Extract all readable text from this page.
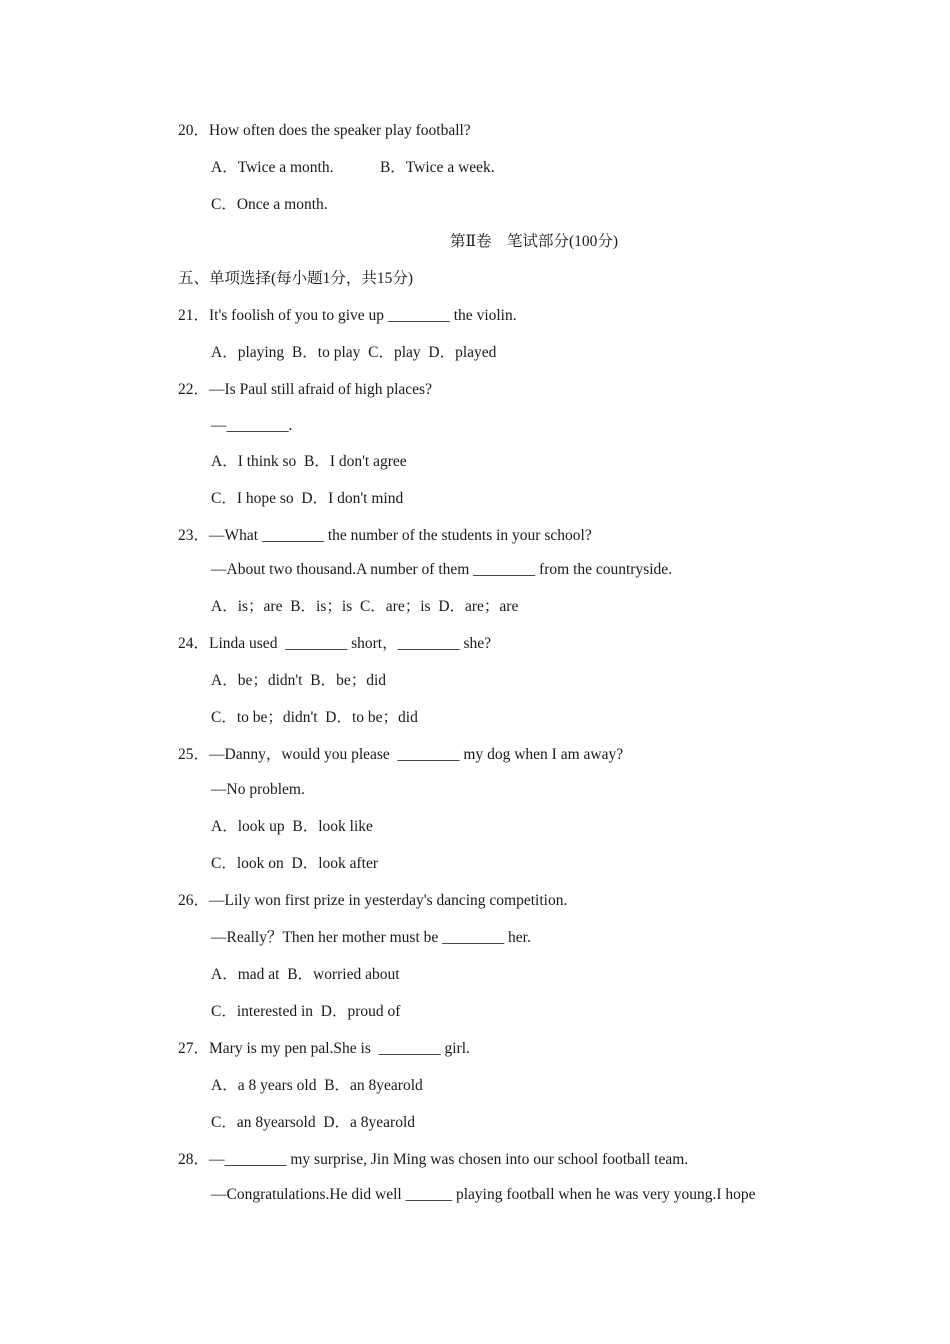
20．How often does the speaker play football?
A．Twice a month.            B．Twice a week.
C．Once a month.
第Ⅱ卷　笔试部分(100分)
五、单项选择(每小题1分，共15分)
21．It's foolish of you to give up ________ the violin.
A．playing  B．to play  C．play  D．played
22．—Is Paul still afraid of high places?
—________.
A．I think so  B．I don't agree
C．I hope so  D．I don't mind
23．—What ________ the number of the students in your school?
—About two thousand.A number of them ________ from the countryside.
A．is；are  B．is；is  C．are；is  D．are；are
24．Linda used  ________ short，________ she?
A．be；didn't  B．be；did
C．to be；didn't  D．to be；did
25．—Danny，would you please  ________ my dog when I am away?
—No problem.
A．look up  B．look like
C．look on  D．look after
26．—Lily won first prize in yesterday's dancing competition.
—Really？Then her mother must be ________ her.
A．mad at  B．worried about
C．interested in  D．proud of
27．Mary is my pen pal.She is  ________ girl.
A．a 8 years old  B．an 8yearold
C．an 8yearsold  D．a 8yearold
28．—________ my surprise, Jin Ming was chosen into our school football team.
—Congratulations.He did well ______ playing football when he was very young.I hope
